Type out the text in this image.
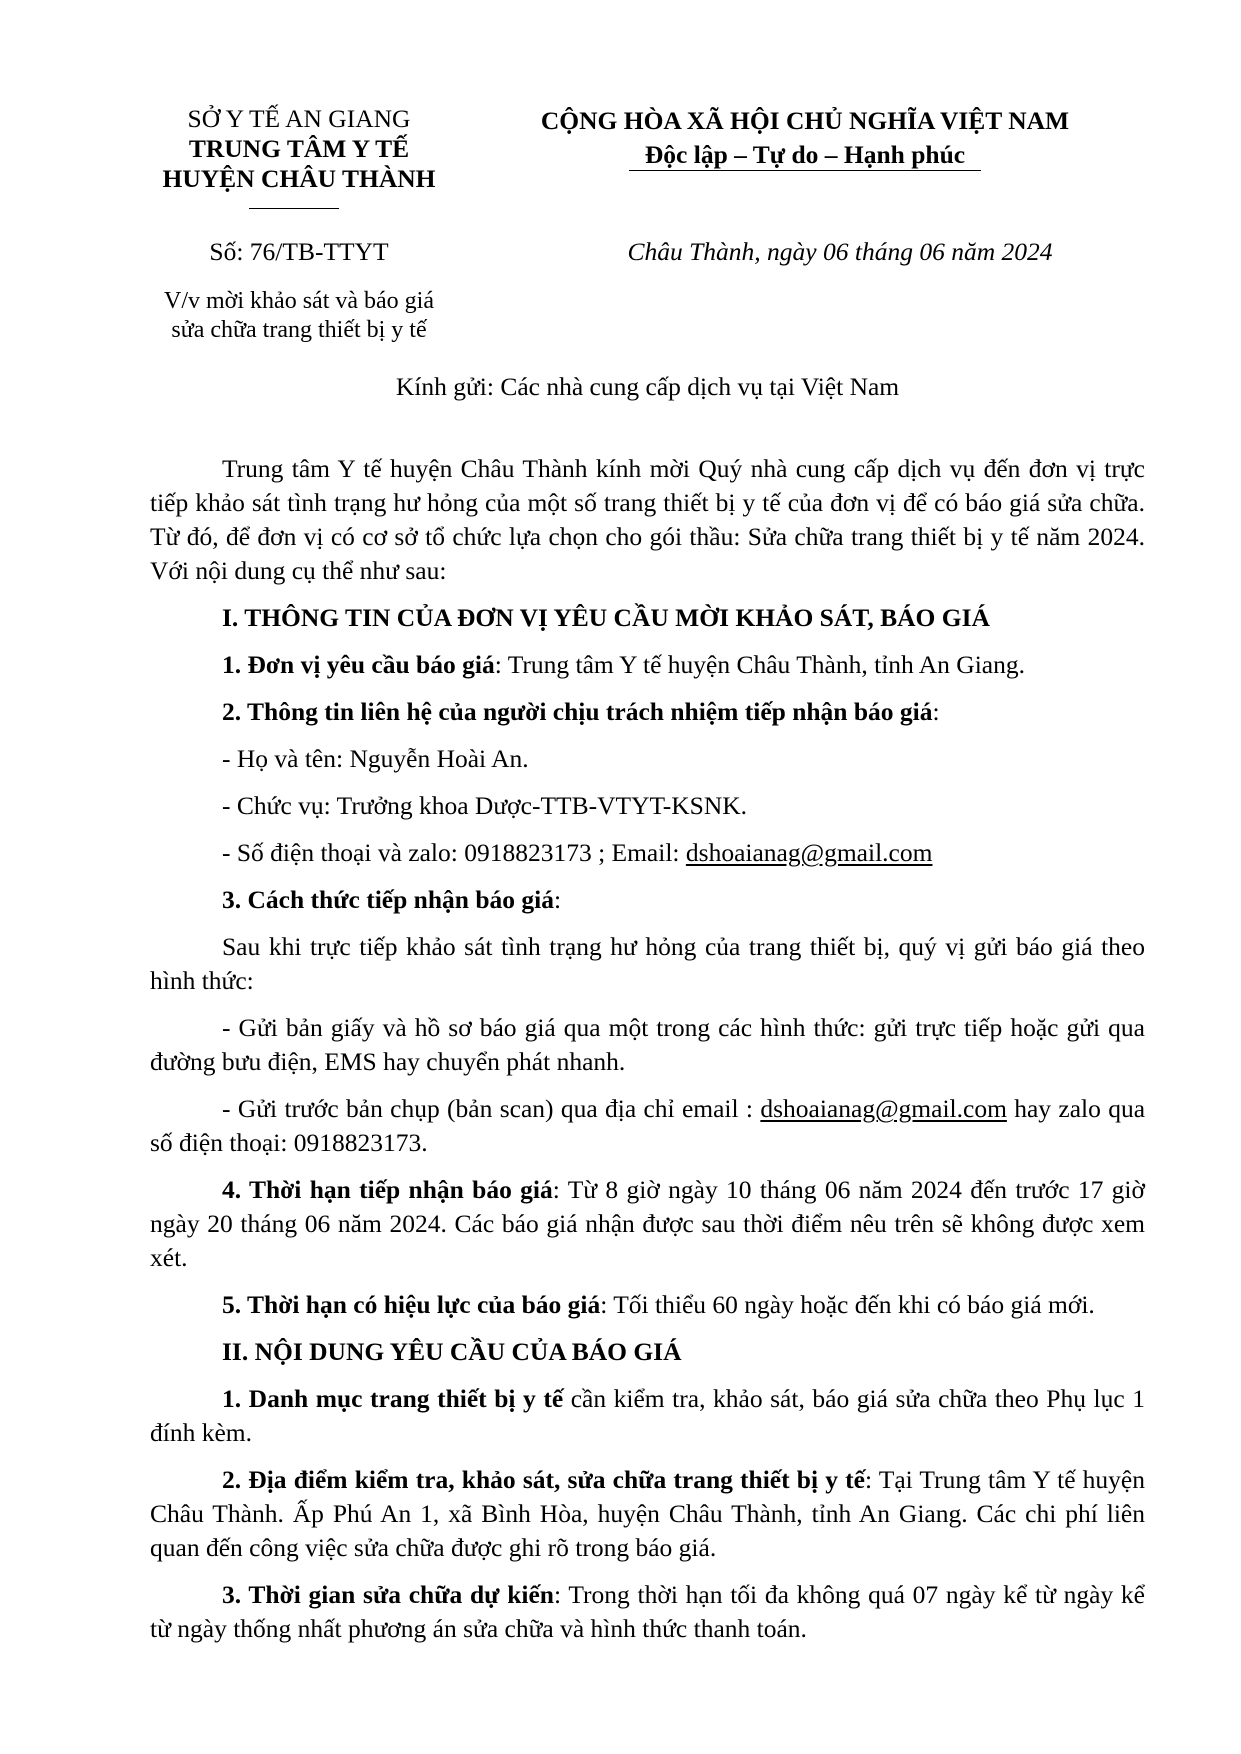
SỞ Y TẾ AN GIANG
TRUNG TÂM Y TẾ
HUYỆN CHÂU THÀNH
Số: 76/TB-TTYT
V/v mời khảo sát và báo giá
sửa chữa trang thiết bị y tế
CỘNG HÒA XÃ HỘI CHỦ NGHĨA VIỆT NAM
Độc lập – Tự do – Hạnh phúc
Châu Thành, ngày 06 tháng 06 năm 2024
Kính gửi: Các nhà cung cấp dịch vụ tại Việt Nam

Trung tâm Y tế huyện Châu Thành kính mời Quý nhà cung cấp dịch vụ đến đơn vị trực tiếp khảo sát tình trạng hư hỏng của một số trang thiết bị y tế của đơn vị để có báo giá sửa chữa. Từ đó, để đơn vị có cơ sở tổ chức lựa chọn cho gói thầu: Sửa chữa trang thiết bị y tế năm 2024. Với nội dung cụ thể như sau:

I. THÔNG TIN CỦA ĐƠN VỊ YÊU CẦU MỜI KHẢO SÁT, BÁO GIÁ

1. Đơn vị yêu cầu báo giá: Trung tâm Y tế huyện Châu Thành, tỉnh An Giang.

2. Thông tin liên hệ của người chịu trách nhiệm tiếp nhận báo giá:

- Họ và tên: Nguyễn Hoài An.

- Chức vụ: Trưởng khoa Dược-TTB-VTYT-KSNK.

- Số điện thoại và zalo: 0918823173 ; Email: dshoaianag@gmail.com

3. Cách thức tiếp nhận báo giá:

Sau khi trực tiếp khảo sát tình trạng hư hỏng của trang thiết bị, quý vị gửi báo giá theo hình thức:

- Gửi bản giấy và hồ sơ báo giá qua một trong các hình thức: gửi trực tiếp hoặc gửi qua đường bưu điện, EMS hay chuyển phát nhanh.

- Gửi trước bản chụp (bản scan) qua địa chỉ email : dshoaianag@gmail.com hay zalo qua số điện thoại: 0918823173.

4. Thời hạn tiếp nhận báo giá: Từ 8 giờ ngày 10 tháng 06 năm 2024 đến trước 17 giờ ngày 20 tháng 06 năm 2024. Các báo giá nhận được sau thời điểm nêu trên sẽ không được xem xét.

5. Thời hạn có hiệu lực của báo giá: Tối thiểu 60 ngày hoặc đến khi có báo giá mới.

II. NỘI DUNG YÊU CẦU CỦA BÁO GIÁ

1. Danh mục trang thiết bị y tế cần kiểm tra, khảo sát, báo giá sửa chữa theo Phụ lục 1 đính kèm.

2. Địa điểm kiểm tra, khảo sát, sửa chữa trang thiết bị y tế: Tại Trung tâm Y tế huyện Châu Thành. Ấp Phú An 1, xã Bình Hòa, huyện Châu Thành, tỉnh An Giang. Các chi phí liên quan đến công việc sửa chữa được ghi rõ trong báo giá.

3. Thời gian sửa chữa dự kiến: Trong thời hạn tối đa không quá 07 ngày kể từ ngày kể từ ngày thống nhất phương án sửa chữa và hình thức thanh toán.
